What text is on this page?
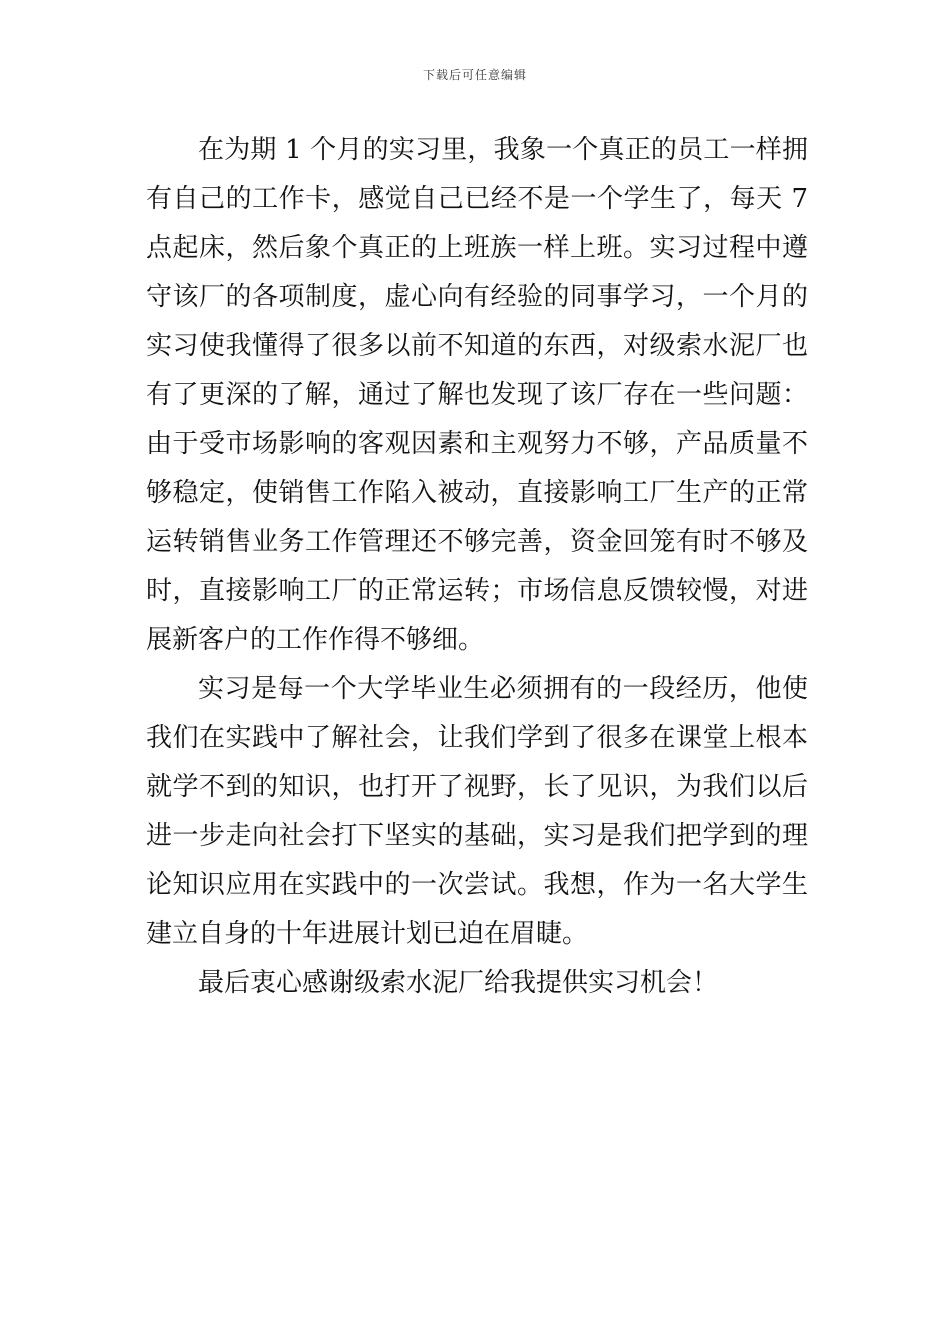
下载后可任意编辑

在为期 1 个月的实习里，我象一个真正的员工一样拥有自己的工作卡，感觉自己已经不是一个学生了，每天 7 点起床，然后象个真正的上班族一样上班。实习过程中遵守该厂的各项制度，虚心向有经验的同事学习，一个月的实习使我懂得了很多以前不知道的东西，对级索水泥厂也有了更深的了解，通过了解也发现了该厂存在一些问题：由于受市场影响的客观因素和主观努力不够，产品质量不够稳定，使销售工作陷入被动，直接影响工厂生产的正常运转销售业务工作管理还不够完善，资金回笼有时不够及时，直接影响工厂的正常运转；市场信息反馈较慢，对进展新客户的工作作得不够细。

实习是每一个大学毕业生必须拥有的一段经历，他使我们在实践中了解社会，让我们学到了很多在课堂上根本就学不到的知识，也打开了视野，长了见识，为我们以后进一步走向社会打下坚实的基础，实习是我们把学到的理论知识应用在实践中的一次尝试。我想，作为一名大学生建立自身的十年进展计划已迫在眉睫。

最后衷心感谢级索水泥厂给我提供实习机会！
